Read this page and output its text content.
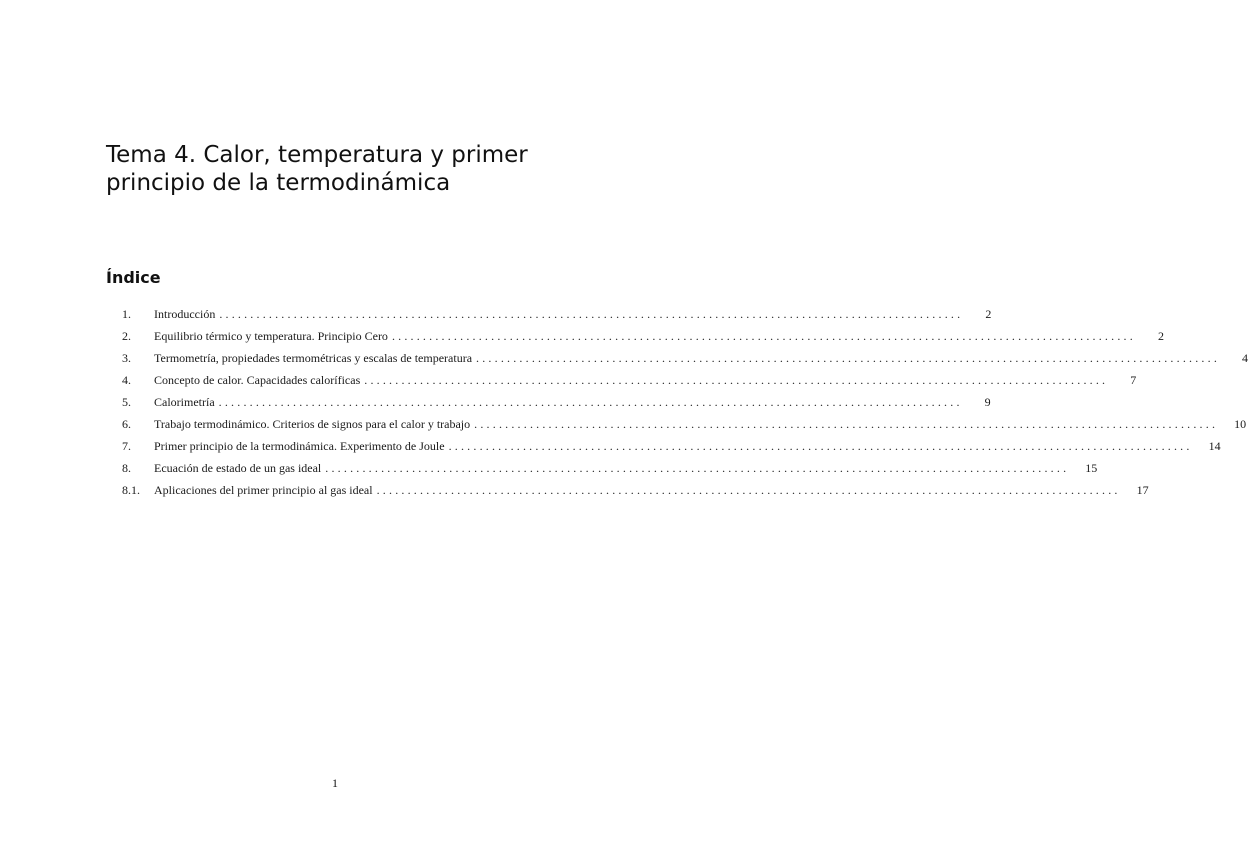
Tema 4. Calor, temperatura y primer principio de la termodinámica
Índice
1.	Introducción ........................................................................................................................	2
2.	Equilibrio térmico y temperatura. Principio Cero ........................................................................................................................	2
3.	Termometría, propiedades termométricas y escalas de temperatura ........................................................................................................................	4
4.	Concepto de calor. Capacidades caloríficas ........................................................................................................................	7
5.	Calorimetría ........................................................................................................................	9
6.	Trabajo termodinámico. Criterios de signos para el calor y trabajo ........................................................................................................................	10
7.	Primer principio de la termodinámica. Experimento de Joule ........................................................................................................................	14
8.	Ecuación de estado de un gas ideal ........................................................................................................................	15
8.1.	Aplicaciones del primer principio al gas ideal ........................................................................................................................	17
1
